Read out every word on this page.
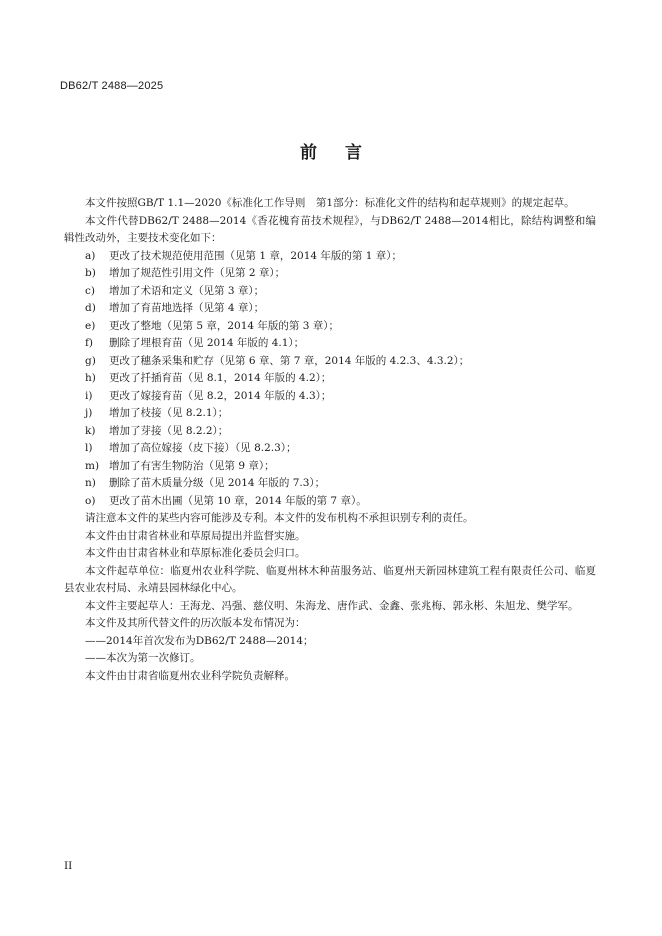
DB62/T 2488—2025
前言

本文件按照GB/T 1.1—2020《标准化工作导则　第1部分：标准化文件的结构和起草规则》的规定起草。

本文件代替DB62/T 2488—2014《香花槐育苗技术规程》，与DB62/T 2488—2014相比，除结构调整和编辑性改动外，主要技术变化如下：

a)	更改了技术规范使用范围（见第 1 章，2014 年版的第 1 章）；
b)	增加了规范性引用文件（见第 2 章）；
c)	增加了术语和定义（见第 3 章）；
d)	增加了育苗地选择（见第 4 章）；
e)	更改了整地（见第 5 章，2014 年版的第 3 章）；
f)	删除了埋根育苗（见 2014 年版的 4.1）；
g)	更改了穗条采集和贮存（见第 6 章、第 7 章，2014 年版的 4.2.3、4.3.2）；
h)	更改了扦插育苗（见 8.1，2014 年版的 4.2）；
i)	更改了嫁接育苗（见 8.2，2014 年版的 4.3）；
j)	增加了枝接（见 8.2.1）；
k)	增加了芽接（见 8.2.2）；
l)	增加了高位嫁接（皮下接）（见 8.2.3）；
m) 增加了有害生物防治（见第 9 章）；
n)	删除了苗木质量分级（见 2014 年版的 7.3）；
o)	更改了苗木出圃（见第 10 章，2014 年版的第 7 章）。

请注意本文件的某些内容可能涉及专利。本文件的发布机构不承担识别专利的责任。

本文件由甘肃省林业和草原局提出并监督实施。

本文件由甘肃省林业和草原标准化委员会归口。

本文件起草单位：临夏州农业科学院、临夏州林木种苗服务站、临夏州天新园林建筑工程有限责任公司、临夏县农业农村局、永靖县园林绿化中心。

本文件主要起草人：王海龙、冯强、慈仪明、朱海龙、唐作武、金鑫、张兆梅、郭永彬、朱旭龙、樊学军。

本文件及其所代替文件的历次版本发布情况为：

——2014年首次发布为DB62/T 2488—2014；

——本次为第一次修订。

本文件由甘肃省临夏州农业科学院负责解释。

II
